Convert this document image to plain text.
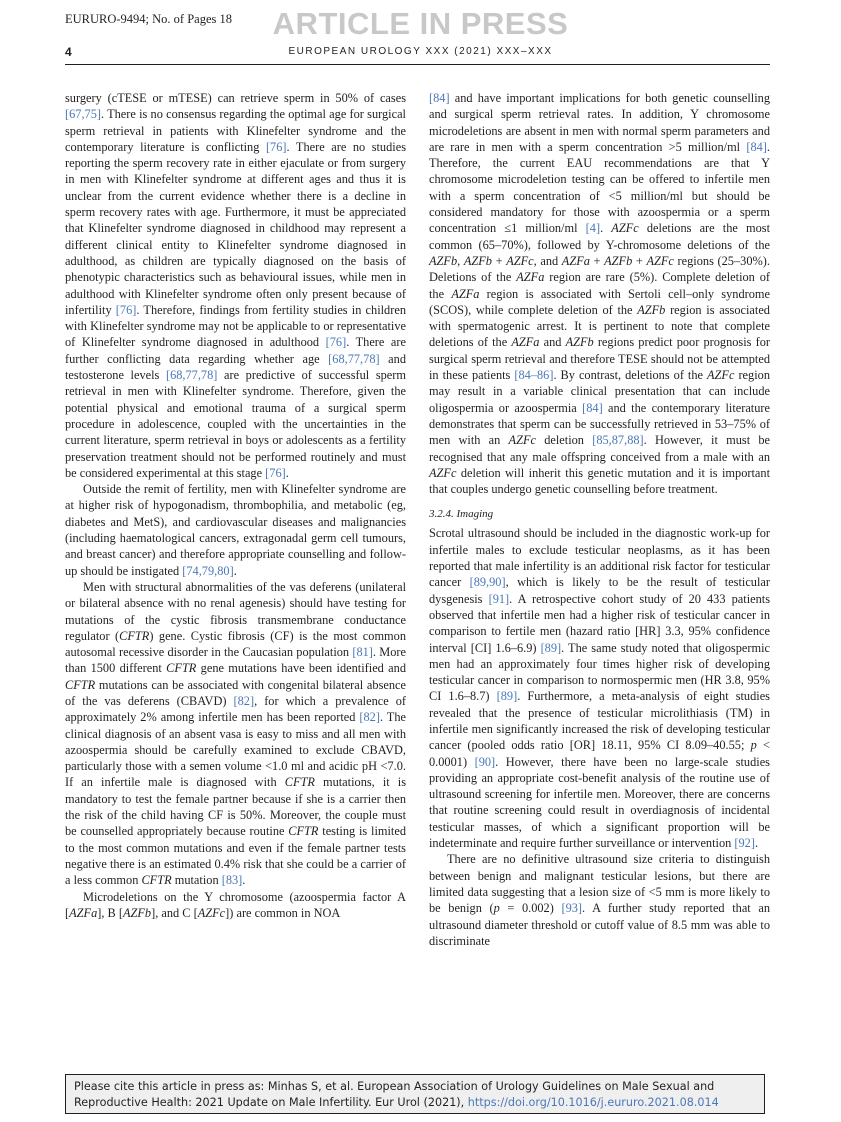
EURURO-9494; No. of Pages 18	ARTICLE IN PRESS
4	EUROPEAN UROLOGY XXX (2021) XXX–XXX

surgery (cTESE or mTESE) can retrieve sperm in 50% of cases [67,75]. There is no consensus regarding the optimal age for surgical sperm retrieval in patients with Klinefelter syndrome and the contemporary literature is conflicting [76]. There are no studies reporting the sperm recovery rate in either ejaculate or from surgery in men with Klinefelter syndrome at different ages and thus it is unclear from the current evidence whether there is a decline in sperm recovery rates with age. Furthermore, it must be appreciated that Klinefelter syndrome diagnosed in childhood may represent a different clinical entity to Klinefelter syndrome diagnosed in adulthood, as children are typically diagnosed on the basis of phenotypic characteristics such as behavioural issues, while men in adulthood with Klinefelter syndrome often only present because of infertility [76]. Therefore, findings from fertility studies in children with Klinefelter syndrome may not be applicable to or representative of Klinefelter syndrome diagnosed in adulthood [76]. There are further conflicting data regarding whether age [68,77,78] and testosterone levels [68,77,78] are predictive of successful sperm retrieval in men with Klinefelter syndrome. Therefore, given the potential physical and emotional trauma of a surgical sperm procedure in adolescence, coupled with the uncertainties in the current literature, sperm retrieval in boys or adolescents as a fertility preservation treatment should not be performed routinely and must be considered experimental at this stage [76].

Outside the remit of fertility, men with Klinefelter syndrome are at higher risk of hypogonadism, thrombophilia, and metabolic (eg, diabetes and MetS), and cardiovascular diseases and malignancies (including haematological cancers, extragonadal germ cell tumours, and breast cancer) and therefore appropriate counselling and follow-up should be instigated [74,79,80].

Men with structural abnormalities of the vas deferens (unilateral or bilateral absence with no renal agenesis) should have testing for mutations of the cystic fibrosis transmembrane conductance regulator (CFTR) gene. Cystic fibrosis (CF) is the most common autosomal recessive disorder in the Caucasian population [81]. More than 1500 different CFTR gene mutations have been identified and CFTR mutations can be associated with congenital bilateral absence of the vas deferens (CBAVD) [82], for which a prevalence of approximately 2% among infertile men has been reported [82]. The clinical diagnosis of an absent vasa is easy to miss and all men with azoospermia should be carefully examined to exclude CBAVD, particularly those with a semen volume <1.0 ml and acidic pH <7.0. If an infertile male is diagnosed with CFTR mutations, it is mandatory to test the female partner because if she is a carrier then the risk of the child having CF is 50%. Moreover, the couple must be counselled appropriately because routine CFTR testing is limited to the most common mutations and even if the female partner tests negative there is an estimated 0.4% risk that she could be a carrier of a less common CFTR mutation [83].

Microdeletions on the Y chromosome (azoospermia factor A [AZFa], B [AZFb], and C [AZFc]) are common in NOA

[84] and have important implications for both genetic counselling and surgical sperm retrieval rates. In addition, Y chromosome microdeletions are absent in men with normal sperm parameters and are rare in men with a sperm concentration >5 million/ml [84]. Therefore, the current EAU recommendations are that Y chromosome microdeletion testing can be offered to infertile men with a sperm concentration of <5 million/ml but should be considered mandatory for those with azoospermia or a sperm concentration ≤1 million/ml [4]. AZFc deletions are the most common (65–70%), followed by Y-chromosome deletions of the AZFb, AZFb + AZFc, and AZFa + AZFb + AZFc regions (25–30%). Deletions of the AZFa region are rare (5%). Complete deletion of the AZFa region is associated with Sertoli cell–only syndrome (SCOS), while complete deletion of the AZFb region is associated with spermatogenic arrest. It is pertinent to note that complete deletions of the AZFa and AZFb regions predict poor prognosis for surgical sperm retrieval and therefore TESE should not be attempted in these patients [84–86]. By contrast, deletions of the AZFc region may result in a variable clinical presentation that can include oligospermia or azoospermia [84] and the contemporary literature demonstrates that sperm can be successfully retrieved in 53–75% of men with an AZFc deletion [85,87,88]. However, it must be recognised that any male offspring conceived from a male with an AZFc deletion will inherit this genetic mutation and it is important that couples undergo genetic counselling before treatment.

3.2.4. Imaging

Scrotal ultrasound should be included in the diagnostic work-up for infertile males to exclude testicular neoplasms, as it has been reported that male infertility is an additional risk factor for testicular cancer [89,90], which is likely to be the result of testicular dysgenesis [91]. A retrospective cohort study of 20 433 patients observed that infertile men had a higher risk of testicular cancer in comparison to fertile men (hazard ratio [HR] 3.3, 95% confidence interval [CI] 1.6–6.9) [89]. The same study noted that oligospermic men had an approximately four times higher risk of developing testicular cancer in comparison to normospermic men (HR 3.8, 95% CI 1.6–8.7) [89]. Furthermore, a meta-analysis of eight studies revealed that the presence of testicular microlithiasis (TM) in infertile men significantly increased the risk of developing testicular cancer (pooled odds ratio [OR] 18.11, 95% CI 8.09–40.55; p < 0.0001) [90]. However, there have been no large-scale studies providing an appropriate cost-benefit analysis of the routine use of ultrasound screening for infertile men. Moreover, there are concerns that routine screening could result in overdiagnosis of incidental testicular masses, of which a significant proportion will be indeterminate and require further surveillance or intervention [92].

There are no definitive ultrasound size criteria to distinguish between benign and malignant testicular lesions, but there are limited data suggesting that a lesion size of <5 mm is more likely to be benign (p = 0.002) [93]. A further study reported that an ultrasound diameter threshold or cutoff value of 8.5 mm was able to discriminate

Please cite this article in press as: Minhas S, et al. European Association of Urology Guidelines on Male Sexual and Reproductive Health: 2021 Update on Male Infertility. Eur Urol (2021), https://doi.org/10.1016/j.eururo.2021.08.014
